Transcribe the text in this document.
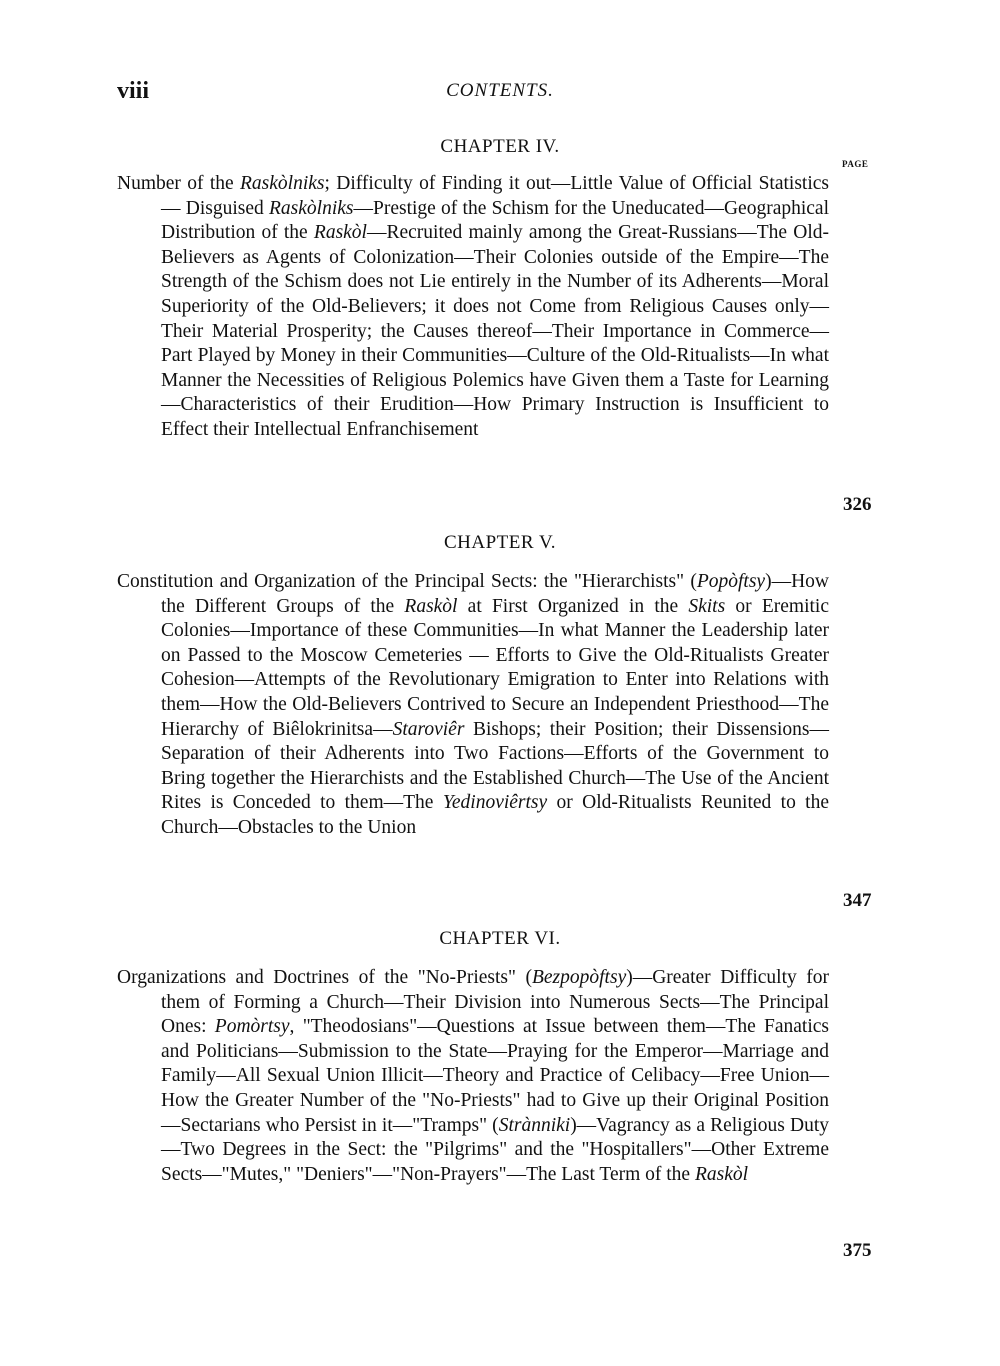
viii	CONTENTS.
PAGE
CHAPTER IV.
Number of the Raskòlniks; Difficulty of Finding it out—Little Value of Official Statistics — Disguised Raskòlniks—Prestige of the Schism for the Uneducated—Geographical Distribution of the Raskòl—Recruited mainly among the Great-Russians—The Old-Believers as Agents of Colonization—Their Colonies outside of the Empire—The Strength of the Schism does not Lie entirely in the Number of its Adherents—Moral Superiority of the Old-Believers; it does not Come from Religious Causes only—Their Material Prosperity; the Causes thereof—Their Importance in Commerce—Part Played by Money in their Communities—Culture of the Old-Ritualists—In what Manner the Necessities of Religious Polemics have Given them a Taste for Learning—Characteristics of their Erudition—How Primary Instruction is Insufficient to Effect their Intellectual Enfranchisement
326
CHAPTER V.
Constitution and Organization of the Principal Sects: the "Hierarchists" (Popòftsy)—How the Different Groups of the Raskòl at First Organized in the Skits or Eremitic Colonies—Importance of these Communities—In what Manner the Leadership later on Passed to the Moscow Cemeteries — Efforts to Give the Old-Ritualists Greater Cohesion—Attempts of the Revolutionary Emigration to Enter into Relations with them—How the Old-Believers Contrived to Secure an Independent Priesthood—The Hierarchy of Biêlokrinitsa—Staroviêr Bishops; their Position; their Dissensions—Separation of their Adherents into Two Factions—Efforts of the Government to Bring together the Hierarchists and the Established Church—The Use of the Ancient Rites is Conceded to them—The Yedinoviêrtsy or Old-Ritualists Reunited to the Church—Obstacles to the Union
347
CHAPTER VI.
Organizations and Doctrines of the "No-Priests" (Bezpopòftsy)—Greater Difficulty for them of Forming a Church—Their Division into Numerous Sects—The Principal Ones: Pomòrtsy, "Theodosians"—Questions at Issue between them—The Fanatics and Politicians—Submission to the State—Praying for the Emperor—Marriage and Family—All Sexual Union Illicit—Theory and Practice of Celibacy—Free Union—How the Greater Number of the "No-Priests" had to Give up their Original Position—Sectarians who Persist in it—"Tramps" (Strànniki)—Vagrancy as a Religious Duty—Two Degrees in the Sect: the "Pilgrims" and the "Hospitallers"—Other Extreme Sects—"Mutes," "Deniers"—"Non-Prayers"—The Last Term of the Raskòl
375
